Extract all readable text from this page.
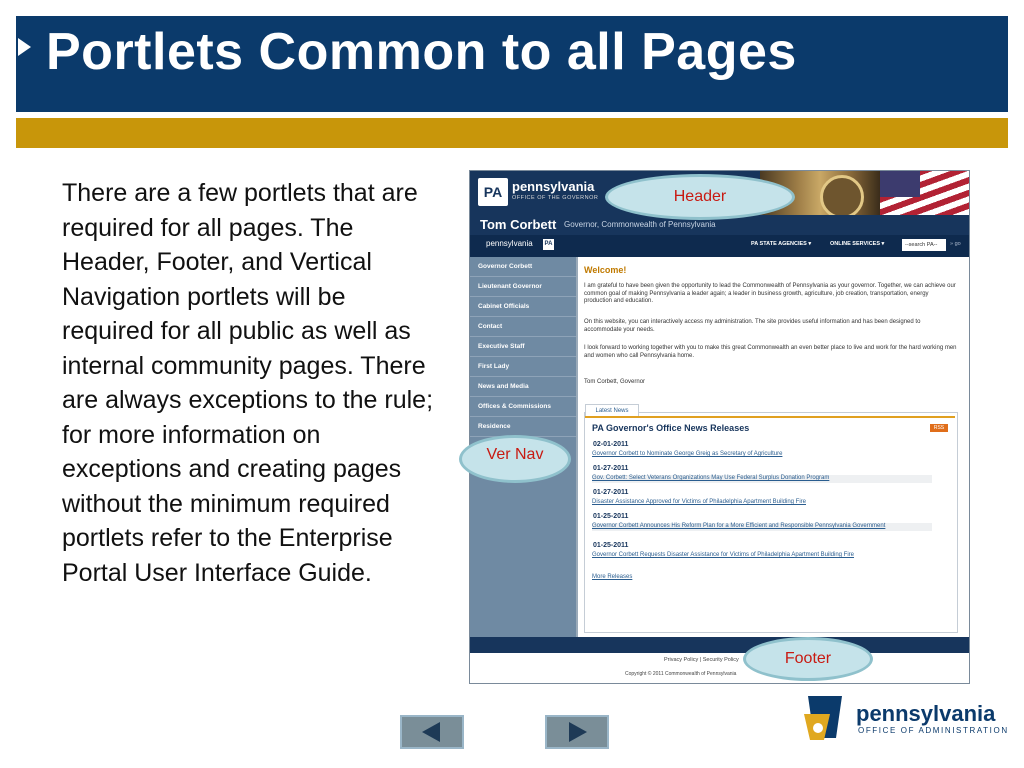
Portlets Common to all Pages

There are a few portlets that are required for all pages. The Header, Footer, and Vertical Navigation portlets will be required for all public as well as internal community pages. There are always exceptions to the rule; for more information on exceptions and creating pages without the minimum required portlets refer to the Enterprise Portal User Interface Guide.

PA pennsylvania
OFFICE OF THE GOVERNOR
Tom Corbett Governor, Commonwealth of Pennsylvania
pennsylvania PA	PA STATE AGENCIES ▾	ONLINE SERVICES ▾	--search PA--	» go
Governor Corbett
Lieutenant Governor
Cabinet Officials
Contact
Executive Staff
First Lady
News and Media
Offices & Commissions
Residence
Welcome!

I am grateful to have been given the opportunity to lead the Commonwealth of Pennsylvania as your governor. Together, we can achieve our common goal of making Pennsylvania a leader again; a leader in business growth, agriculture, job creation, transportation, energy production and education.

On this website, you can interactively access my administration. The site provides useful information and has been designed to accommodate your needs.

I look forward to working together with you to make this great Commonwealth an even better place to live and work for the hard working men and women who call Pennsylvania home.

Tom Corbett, Governor

Latest News
PA Governor's Office News Releases	RSS
02-01-2011
Governor Corbett to Nominate George Greig as Secretary of Agriculture
01-27-2011
Gov. Corbett: Select Veterans Organizations May Use Federal Surplus Donation Program
01-27-2011
Disaster Assistance Approved for Victims of Philadelphia Apartment Building Fire
01-25-2011
Governor Corbett Announces His Reform Plan for a More Efficient and Responsible Pennsylvania Government
01-25-2011
Governor Corbett Requests Disaster Assistance for Victims of Philadelphia Apartment Building Fire
More Releases
Privacy Policy | Security Policy
Copyright © 2011 Commonwealth of Pennsylvania
Header
Ver Nav
Footer
pennsylvania
OFFICE OF ADMINISTRATION
